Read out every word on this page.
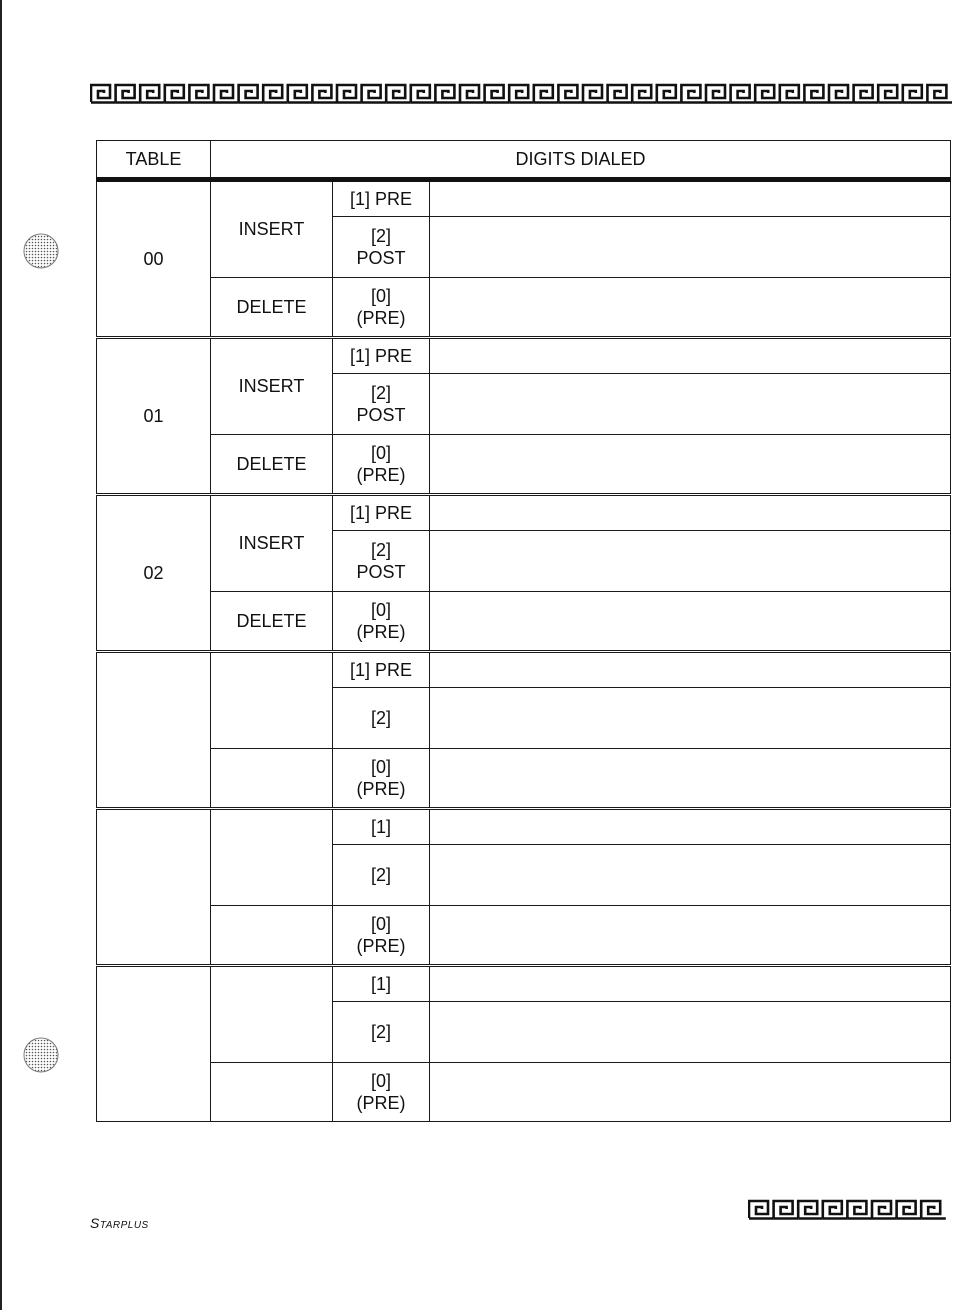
TABLE	DIGITS DIALED		
00	INSERT	[1] PRE	

		[2]
POST	

	DELETE	[0]
(PRE)	

01	INSERT	[1] PRE	

		[2]
POST	

	DELETE	[0]
(PRE)	

02	INSERT	[1] PRE	

		[2]
POST	

	DELETE	[0]
(PRE)	

		[1] PRE	

		[2]	

		[0]
(PRE)	

		[1]	

		[2]	

		[0]
(PRE)	

		[1]	

		[2]	

		[0]
(PRE)	

Starplus
